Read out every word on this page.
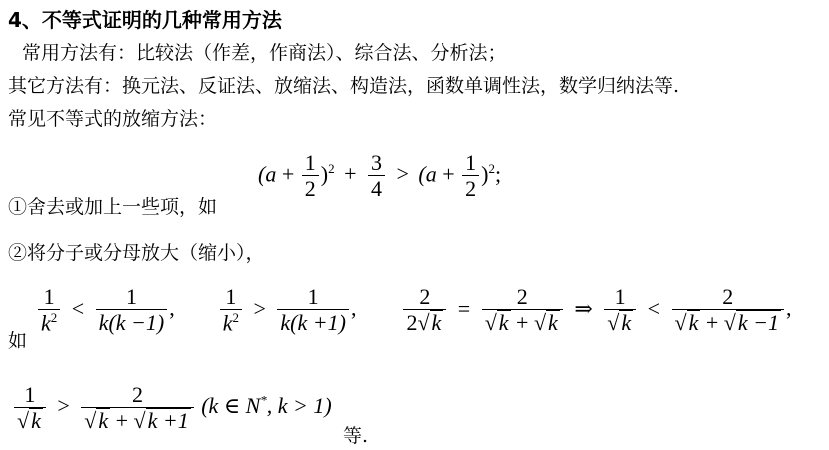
4、不等式证明的几种常用方法
常用方法有：比较法（作差，作商法）、综合法、分析法；
其它方法有：换元法、反证法、放缩法、构造法，函数单调性法，数学归纳法等.
常见不等式的放缩方法：
$(a + \frac{1}{2} )^2 + \frac{3}{4} > (a + \frac{1}{2} )^2$;
①舍去或加上一些项，如
②将分子或分母放大（缩小），
如
$\frac{1}{k^2} < \frac{1}{k(k -1)}$ , $\frac{1}{k^2} > \frac{1}{k(k +1)}$ , $\frac{2}{2√k} = \frac{2}{√k + √k}$ ⇒ $\frac{1}{√k} < \frac{2}{√k + √k -1}$ ,
$\frac{1}{√k} > \frac{2}{√k + √k +1} (k$ ∈ N*, k > 1)
等.
